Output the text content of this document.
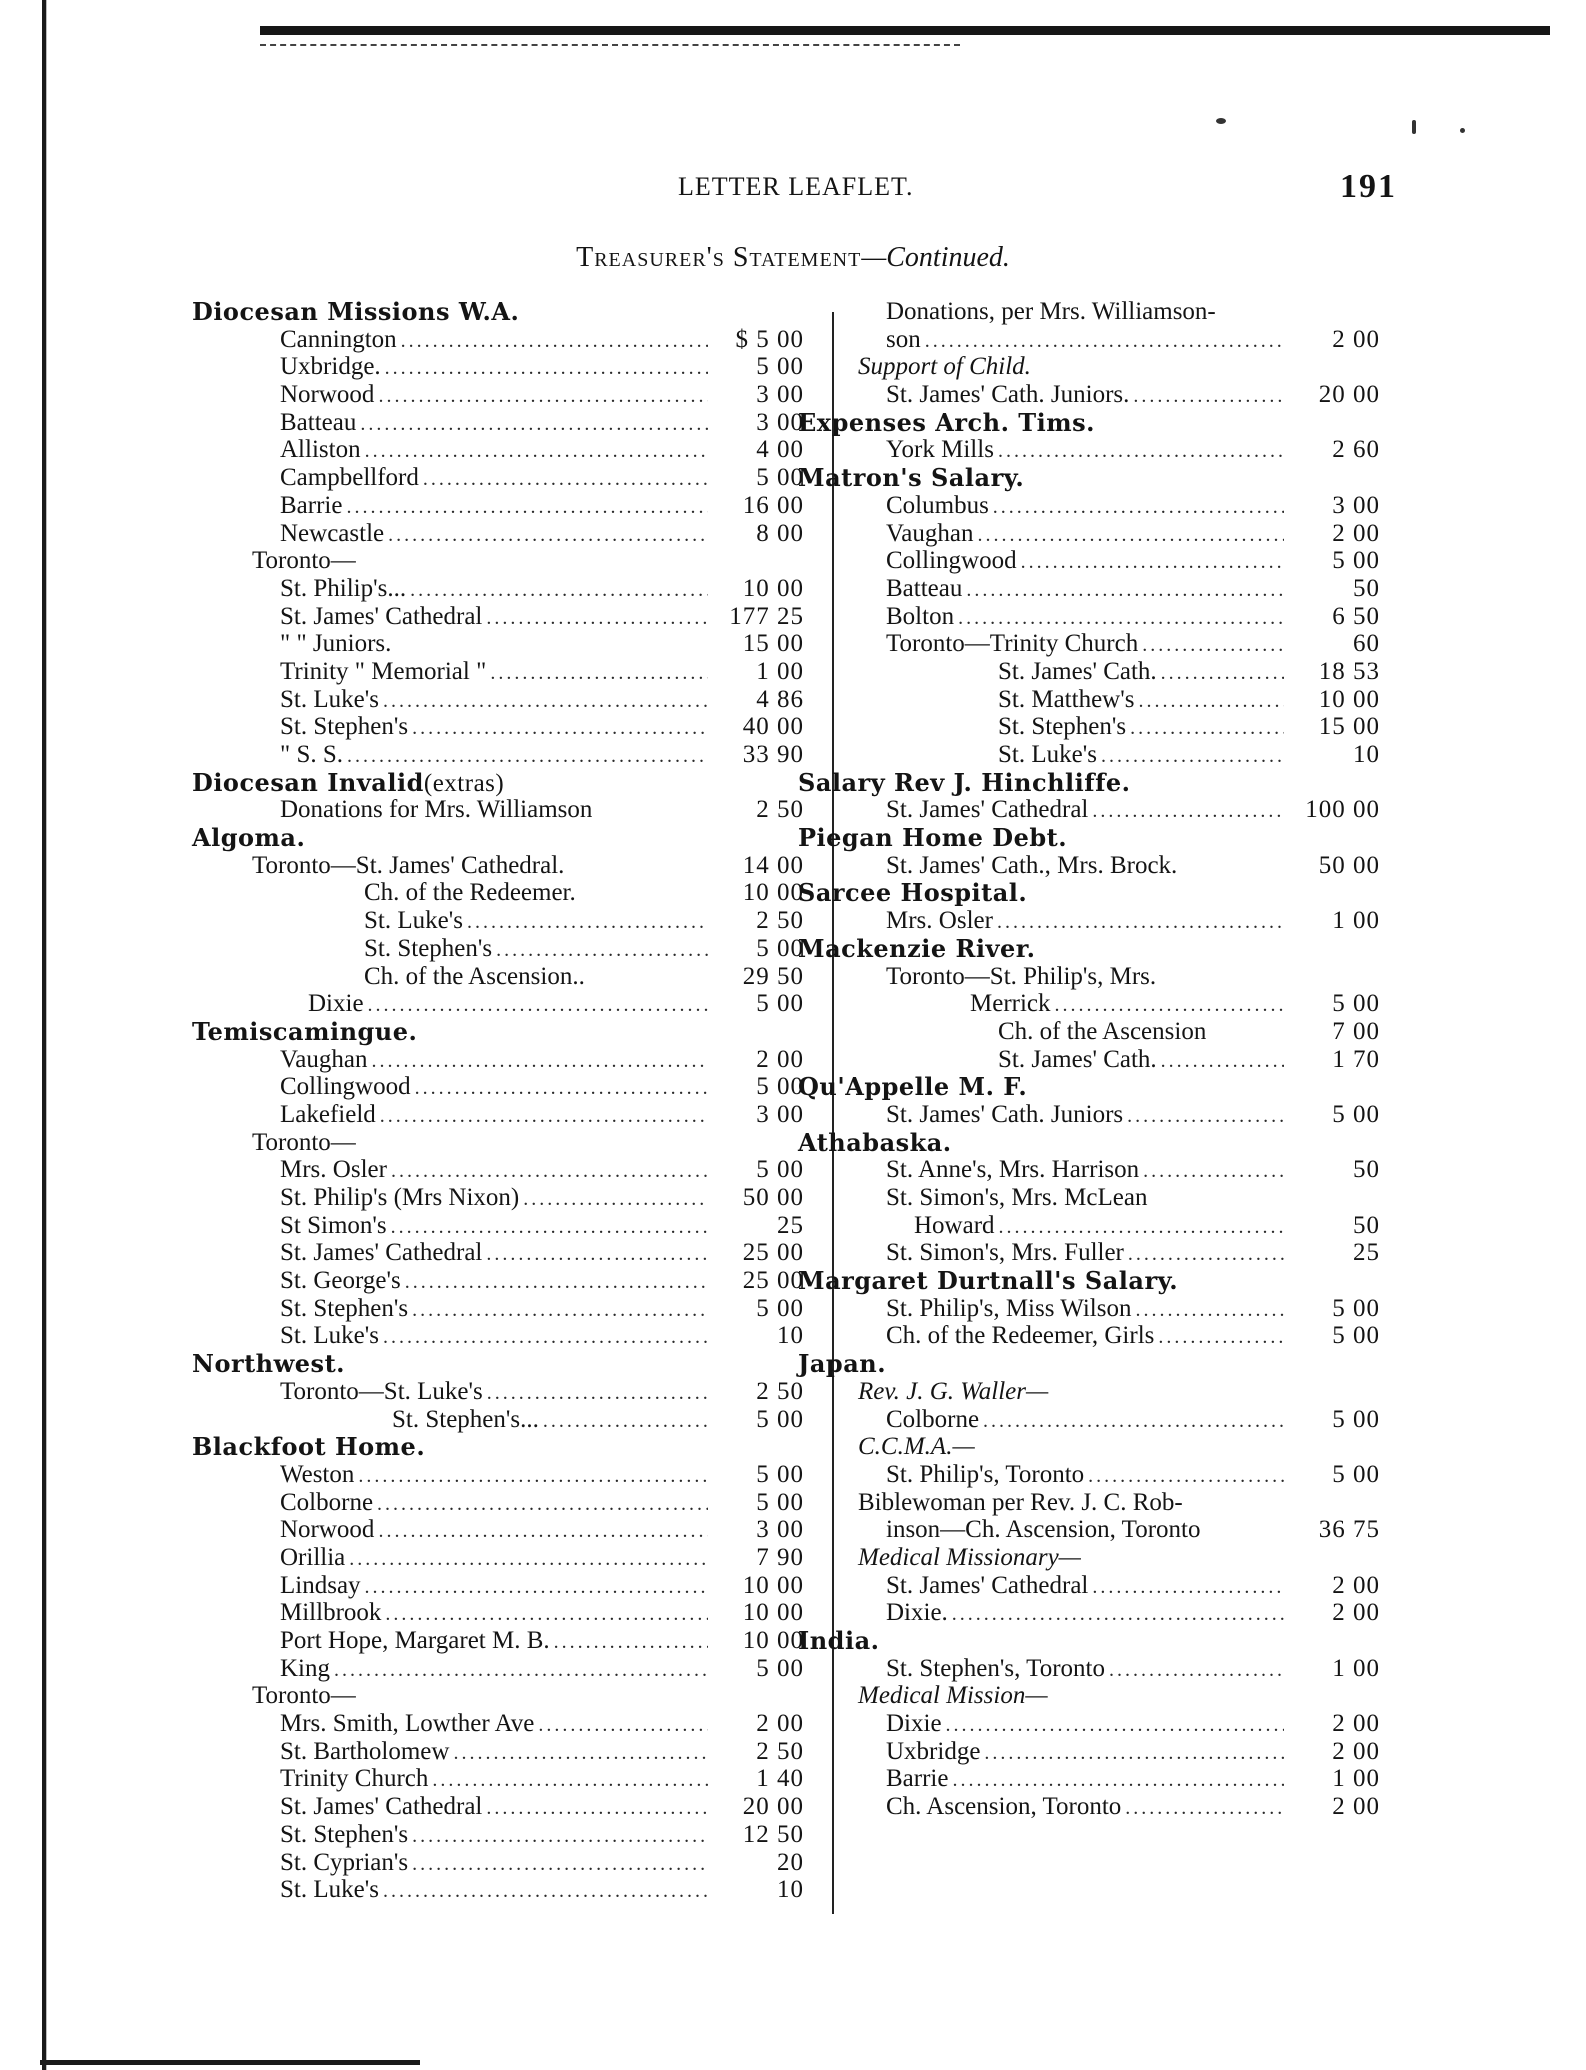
LETTER LEAFLET.	191
Treasurer's Statement—Continued.
Diocesan Missions W.A.
Cannington .....	$ 5 00
Uxbridge. .....	5 00
Norwood .....	3 00
Batteau .....	3 00
Alliston .....	4 00
Campbellford .....	5 00
Barrie .....	16 00
Newcastle .....	8 00
Toronto—
St. Philip's... .....	10 00
St. James' Cathedral .....	177 25
" " Juniors.	15 00
Trinity " Memorial " .....	1 00
St. Luke's .....	4 86
St. Stephen's .....	40 00
" S. S. .....	33 90
Diocesan Invalid (extras)
Donations for Mrs. Williamson	2 50
Algoma.
Toronto—St. James' Cathedral.	14 00
Ch. of the Redeemer.	10 00
St. Luke's .....	2 50
St. Stephen's .....	5 00
Ch. of the Ascension..	29 50
Dixie .....	5 00
Temiscamingue.
Vaughan .....	2 00
Collingwood .....	5 00
Lakefield .....	3 00
Toronto—
Mrs. Osler .....	5 00
St. Philip's (Mrs Nixon) .....	50 00
St Simon's .....	25
St. James' Cathedral .....	25 00
St. George's .....	25 00
St. Stephen's .....	5 00
St. Luke's .....	10
Northwest.
Toronto—St. Luke's .....	2 50
St. Stephen's... .....	5 00
Blackfoot Home.
Weston .....	5 00
Colborne .....	5 00
Norwood .....	3 00
Orillia .....	7 90
Lindsay .....	10 00
Millbrook .....	10 00
Port Hope, Margaret M. B. .....	10 00
King .....	5 00
Toronto—
Mrs. Smith, Lowther Ave .....	2 00
St. Bartholomew .....	2 50
Trinity Church .....	1 40
St. James' Cathedral .....	20 00
St. Stephen's .....	12 50
St. Cyprian's .....	20
St. Luke's .....	10
Donations, per Mrs. Williamson-
son .....	2 00
Support of Child.
St. James' Cath. Juniors. .....	20 00
Expenses Arch. Tims.
York Mills .....	2 60
Matron's Salary.
Columbus .....	3 00
Vaughan .....	2 00
Collingwood .....	5 00
Batteau .....	50
Bolton .....	6 50
Toronto—Trinity Church .....	60
St. James' Cath. .....	18 53
St. Matthew's .....	10 00
St. Stephen's .....	15 00
St. Luke's .....	10
Salary Rev J. Hinchliffe.
St. James' Cathedral .....	100 00
Piegan Home Debt.
St. James' Cath., Mrs. Brock.	50 00
Sarcee Hospital.
Mrs. Osler .....	1 00
Mackenzie River.
Toronto—St. Philip's, Mrs.
Merrick .....	5 00
Ch. of the Ascension	7 00
St. James' Cath. .....	1 70
Qu'Appelle M. F.
St. James' Cath. Juniors .....	5 00
Athabaska.
St. Anne's, Mrs. Harrison .....	50
St. Simon's, Mrs. McLean
Howard .....	50
St. Simon's, Mrs. Fuller .....	25
Margaret Durtnall's Salary.
St. Philip's, Miss Wilson .....	5 00
Ch. of the Redeemer, Girls .....	5 00
Japan.
Rev. J. G. Waller—
Colborne .....	5 00
C.C.M.A.—
St. Philip's, Toronto .....	5 00
Biblewoman per Rev. J. C. Rob-
inson—Ch. Ascension, Toronto	36 75
Medical Missionary—
St. James' Cathedral .....	2 00
Dixie. .....	2 00
India.
St. Stephen's, Toronto .....	1 00
Medical Mission—
Dixie .....	2 00
Uxbridge .....	2 00
Barrie .....	1 00
Ch. Ascension, Toronto .....	2 00
